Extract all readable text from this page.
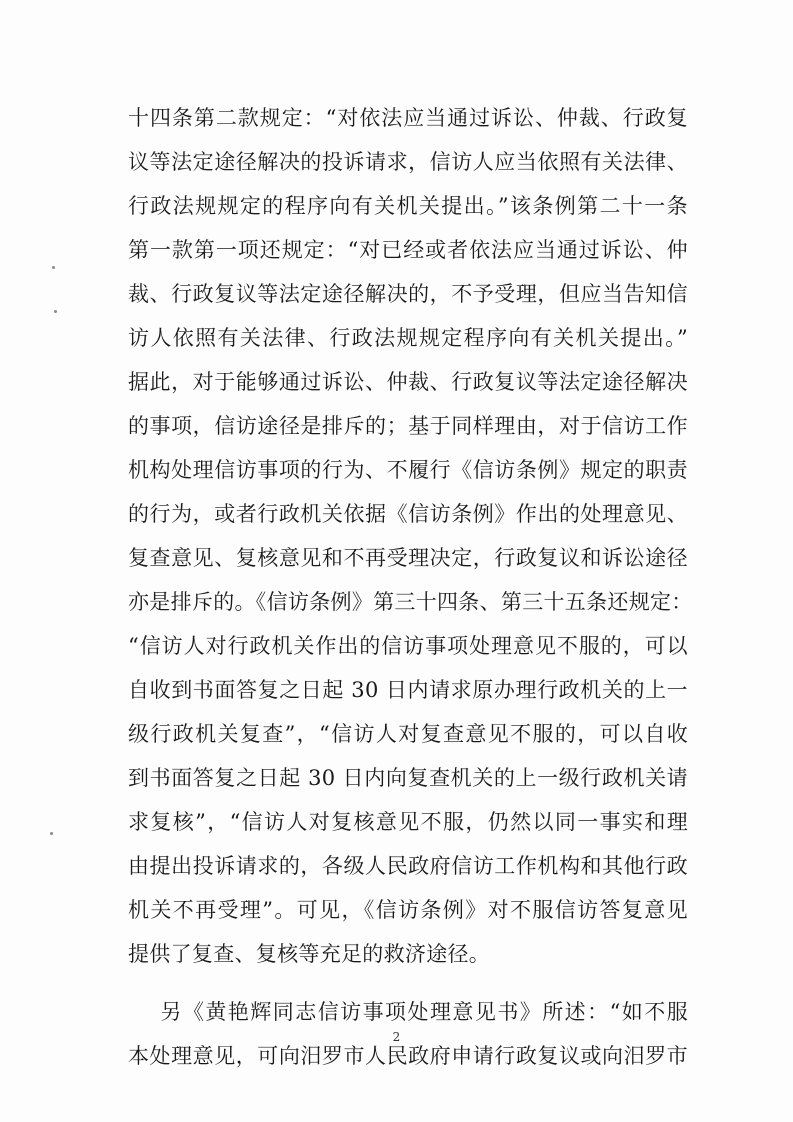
十四条第二款规定：“对依法应当通过诉讼、仲裁、行政复
议等法定途径解决的投诉请求，信访人应当依照有关法律、
行政法规规定的程序向有关机关提出。”该条例第二十一条
第一款第一项还规定：“对已经或者依法应当通过诉讼、仲
裁、行政复议等法定途径解决的，不予受理，但应当告知信
访人依照有关法律、行政法规规定程序向有关机关提出。”
据此，对于能够通过诉讼、仲裁、行政复议等法定途径解决
的事项，信访途径是排斥的；基于同样理由，对于信访工作
机构处理信访事项的行为、不履行《信访条例》规定的职责
的行为，或者行政机关依据《信访条例》作出的处理意见、
复查意见、复核意见和不再受理决定，行政复议和诉讼途径
亦是排斥的。《信访条例》第三十四条、第三十五条还规定：
“信访人对行政机关作出的信访事项处理意见不服的，可以
自收到书面答复之日起 30 日内请求原办理行政机关的上一
级行政机关复查”，“信访人对复查意见不服的，可以自收
到书面答复之日起 30 日内向复查机关的上一级行政机关请
求复核”，“信访人对复核意见不服，仍然以同一事实和理
由提出投诉请求的，各级人民政府信访工作机构和其他行政
机关不再受理”。可见，《信访条例》对不服信访答复意见
提供了复查、复核等充足的救济途径。
另《黄艳辉同志信访事项处理意见书》所述：“如不服
本处理意见，可向汨罗市人民政府申请行政复议或向汨罗市
2
